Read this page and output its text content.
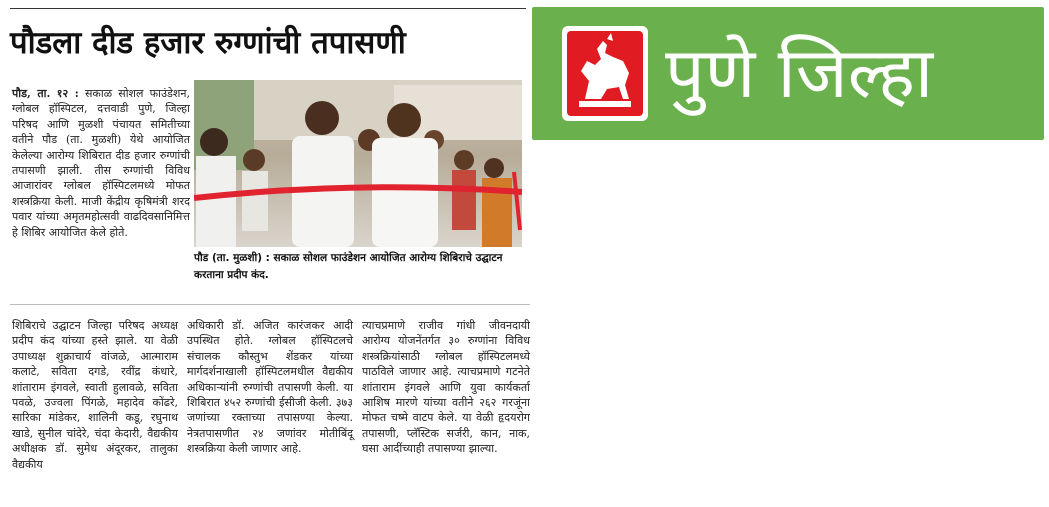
पौडला दीड हजार रुग्णांची तपासणी

पौड, ता. १२ : सकाळ सोशल फाउंडेशन, ग्लोबल हॉस्पिटल, दत्तवाडी पुणे, जिल्हा परिषद आणि मुळशी पंचायत समितीच्या वतीने पौड (ता. मुळशी) येथे आयोजित केलेल्या आरोग्य शिबिरात दीड हजार रुग्णांची तपासणी झाली. तीस रुग्णांची विविध आजारांवर ग्लोबल हॉस्पिटलमध्ये मोफत शस्त्रक्रिया केली. माजी केंद्रीय कृषिमंत्री शरद पवार यांच्या अमृतमहोत्सवी वाढदिवसानिमित्त हे शिबिर आयोजित केले होते.

पौड (ता. मुळशी) : सकाळ सोशल फाउंडेशन आयोजित आरोग्य शिबिराचे उद्घाटन करताना प्रदीप कंद.

शिबिराचे उद्घाटन जिल्हा परिषद अध्यक्ष प्रदीप कंद यांच्या हस्ते झाले. या वेळी उपाध्यक्ष शुक्राचार्य वांजळे, आत्माराम कलाटे, सविता दगडे, रवींद्र कंधारे, शांताराम इंगवले, स्वाती हुलावळे, सविता पवळे, उज्वला पिंगळे, महादेव कोंढरे, सारिका मांडेकर, शालिनी कडू, रघुनाथ खाडे, सुनील चांदेरे, चंदा केदारी, वैद्यकीय अधीक्षक डॉ. सुमेध अंदूरकर, तालुका वैद्यकीय

अधिकारी डॉ. अजित कारंजकर आदी उपस्थित होते. ग्लोबल हॉस्पिटलचे संचालक कौस्तुभ शेंडकर यांच्या मार्गदर्शनाखाली हॉस्पिटलमधील वैद्यकीय अधिकाऱ्यांनी रुग्णांची तपासणी केली. या शिबिरात ४५२ रुग्णांची ईसीजी केली. ३७३ जणांच्या रक्ताच्या तपासण्या केल्या. नेत्रतपासणीत २४ जणांवर मोतीबिंदू शस्त्रक्रिया केली जाणार आहे.

त्याचप्रमाणे राजीव गांधी जीवनदायी आरोग्य योजनेंतर्गत ३० रुग्णांना विविध शस्त्रक्रियांसाठी ग्लोबल हॉस्पिटलमध्ये पाठविले जाणार आहे. त्याचप्रमाणे गटनेते शांताराम इंगवले आणि युवा कार्यकर्ता आशिष मारणे यांच्या वतीने २६२ गरजूंना मोफत चष्मे वाटप केले. या वेळी हृदयरोग तपासणी, प्लॅस्टिक सर्जरी, कान, नाक, घसा आदींच्याही तपासण्या झाल्या.

पुणे जिल्हा
